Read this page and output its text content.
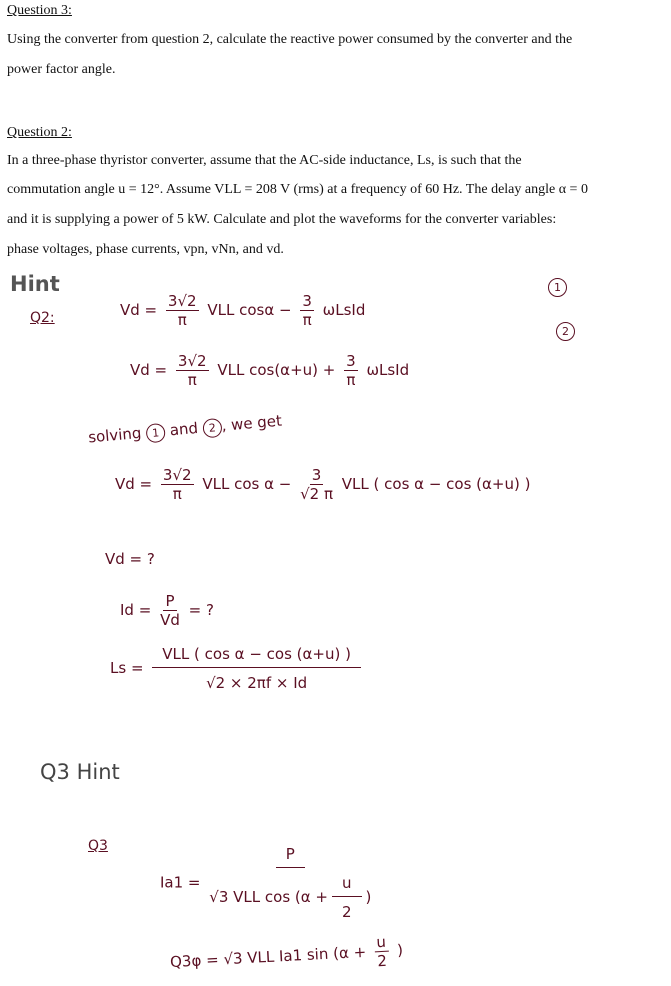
Question 3:
Using the converter from question 2, calculate the reactive power consumed by the converter and the
power factor angle.
Question 2:
In a three-phase thyristor converter, assume that the AC-side inductance, Ls, is such that the
commutation angle u = 12°. Assume VLL = 208 V (rms) at a frequency of 60 Hz. The delay angle α = 0
and it is supplying a power of 5 kW. Calculate and plot the waveforms for the converter variables:
phase voltages, phase currents, vpn, vNn, and vd.
Hint
Q2:	$Vd = \frac{3√2}{\pi}$ VLL $\cos\alpha - \frac{3}{\pi}$ ωLsId
1
$Vd = \frac{3√2}{\pi}$ VLL $\cos(\alpha+u) + \frac{3}{\pi}$ ωLsId
2
solving 1 and 2 , we get
$Vd = \frac{3√2}{\pi}$ VLL $\cos \alpha - \frac{3}{√2 \pi}$ VLL ( cos α − cos (α+u) )
Vd = ?
$Id = \frac{P}{Vd}$ = ?
$Ls = \frac{\text{VLL ( cos α − cos (α+u) )}}{√2 \times 2\pi f \times Id}$
Q3 Hint
Q3
$Ia1 = \frac{P}{√3 VLL \cos (\alpha + \frac{u}{2} )}$
Q3φ = √3 VLL Ia1 $\sin (\alpha + \frac{u}{2}$ )
